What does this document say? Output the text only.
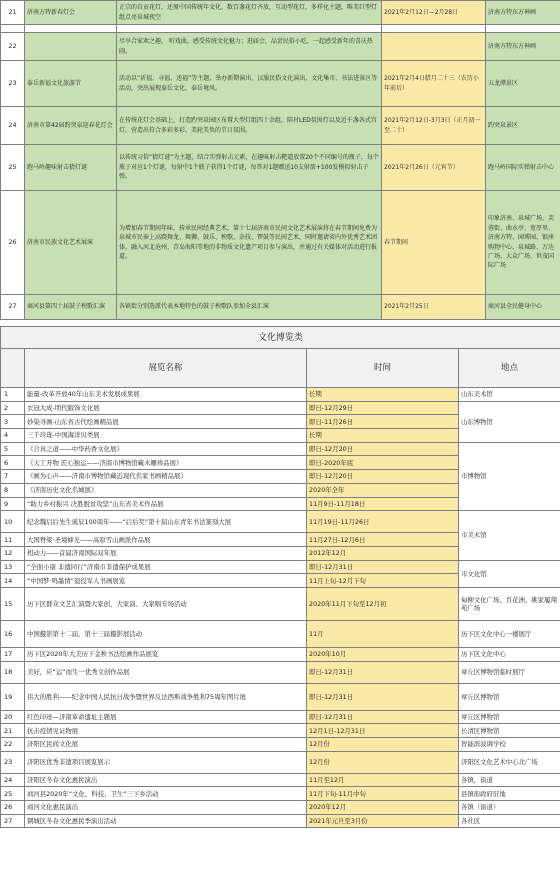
21	济南方特新春灯会	正宗的自贡花灯，还原中国传统年文化，数百盏花灯齐放，互动型花灯，多样化主题，唯美巨型灯组点亮泉城夜空	2021年2月12日—2月28日	济南方特东方神画

22		尽享合家欢之趣。 听戏曲，感受传统文化魅力；逛庙会，品尝民俗小吃，一起感受新年的喜庆热闹。		济南方特东方神画
23	泰岳新福文化旅游节	活动以“祈福、寻福、送福”等主题，举办新期演出、汉服民俗文化演出、文化集市、书法进景区等活动，突出展现泰岳文化、泰岳境风。	2021年2月4日腊月二十三（农历小年前后）	五龙潭景区
24	济南市第42届趵突泉迎春花灯会	在传统花灯会基础上，打造趵突泉园区布置大型灯组四十余组，陪衬LED氛围灯以及近千盏各式宫灯，营造出符合多彩多彩、美轮美奂的节日氛围。	2021年2月12日-3月3日（正月初一至二十）	趵突泉景区
25	跑马岭趣味射击猜灯谜	以传统习俗“猜灯谜”为主题，结合实弹射击元素，在趣味射击靶道放置20个不同编号的瓶子，每个瓶子对应1个灯谜，每射中1个瓶子获得1个灯谜，每答对1题赠送10支射箭+100发模拟射击子弹。	2021年2月26日（元宵节）	跑马岭国际实弹射击中心
26	济南市民族文化艺术展演	为增加春节期间年味，传承民间经典艺术，第十七届济南市民间文化艺术展演将在春节期间免费为泉城市民奉上高跷舞龙、舞狮、鼓乐、秧歌、杂技、锣鼓等民间艺术，同时邀请省内外优秀艺术团体，融入河北沧州、青岛海阳等地的非物质文化遗产项目参与演出，并通过有关媒体对活动进行报道。	春节期间	印象济南、泉城广场、芙蓉街、曲水亭、宽厚里、济南方特、园博园、银座购物中心、泉城路、万达广场、大众广场、世茂国际广场
27	商河县第四十届鼓子秧歌汇演	各镇街分别选派代表本地特色的鼓子秧歌队参加全县汇演	2021年2月25日	商河县全民健身中心
文化博览类			
	展览名称	时间	地点
1	能量-改革开放40年山东美术发展成果展	长期	山东美术馆
2	衣冠大成-明代服饰文化展	即日-12月29日	山东博物馆
3	妙染寻画-山东省古代绘画精品展	即日-11月26日	
4	三千玲珑-中国海洋贝类展	长期	
5	《合真之道——中华药香文化展》	即日-12月20日	市博物馆
6	《天工开物 匠心独运——济南市博物馆藏木雕珍品展》	即日-2020年底	
7	《画为心声——济南市博物馆藏近现代名家书画精品展》	即日-12月20日	
8	《济南历史文化名城展》	2020年全年	
9	“助力乡村振兴 决胜脱贫攻坚”山东省美术作品展	11月9日-11月18日	
10	纪念魏启后先生诞辰100周年——“启后奖”第十届山东青年书法篆刻大展	11月19日-11月26日	市美术馆
11	大国脊梁·圣境蜂光——高原雪山画派作品展	11月27日-12月6日	
12	相动力——首届济南国际双年展	2012年12月	
13	“全面小康 非遗同行”济南市非遗保护成果展	即日-12月31日	市文化馆
14	“中国梦·鸣墨情”退役军人书画展览	11月上旬-12月下旬	
15	历下区群众文艺汇演暨大家创、大家演、大家唱专场活动	2020年11月下旬至12月初	甸柳文化广场、百花洲、姚家履翔苑广场
16	中国摄影第十二届、第十三届摄影展活动	11月	历下区文化中心一楼展厅
17	历下区2020年大美历下金秋书法绘画作品展览	2020年10月	历下区文化中心
18	美好，应“运”而生一优秀文创作品展	即日-12月31日	章丘区博物馆临时展厅
19	伟大的胜利——纪念中国人民抗日战争暨世界反法西斯战争胜利75周年图片展	即日-12月31日	章丘区博物馆
20	红色印迹—济南革命遗址主题展	即日-12月31日	章丘区博物馆
21	抗击疫情见证物展	12月1日-12月31日	长清区博物馆
22	济阳区民间文化展	12月份	智能滨波调学校
23	济阳区优秀非遗项目展览展示	12月份	济阳区文化艺术中心北广场
24	济阳区冬春文化惠民演出	11月至12月	各镇，街道
25	商河县2020年“文化、科技、卫生”三下乡活动	11月下旬-11月中旬	县镇街政府驻地
26	商河文化惠民演出	2020年12月	各镇（街道）
27	钢城区冬春文化惠民季演出活动	2021年元旦至3月份	各社区
